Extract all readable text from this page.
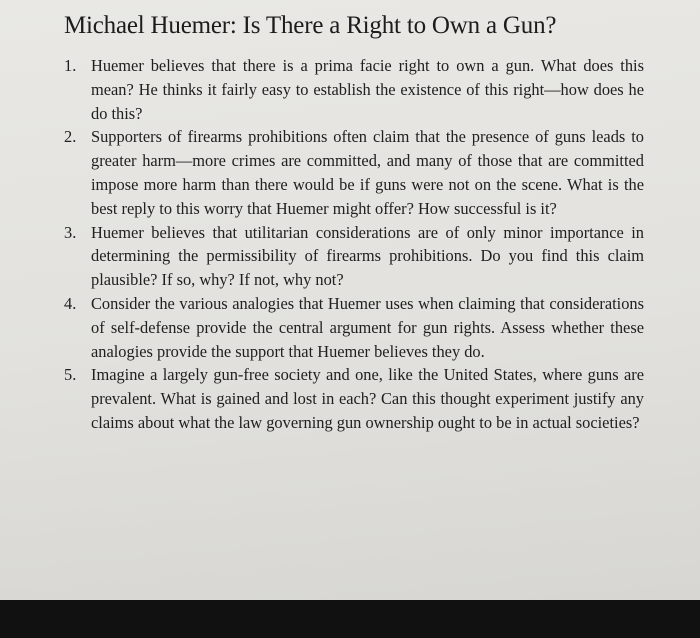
Michael Huemer: Is There a Right to Own a Gun?
1. Huemer believes that there is a prima facie right to own a gun. What does this mean? He thinks it fairly easy to establish the existence of this right—how does he do this?
2. Supporters of firearms prohibitions often claim that the presence of guns leads to greater harm—more crimes are committed, and many of those that are committed impose more harm than there would be if guns were not on the scene. What is the best reply to this worry that Huemer might offer? How successful is it?
3. Huemer believes that utilitarian considerations are of only minor importance in determining the permissibility of firearms prohibitions. Do you find this claim plausible? If so, why? If not, why not?
4. Consider the various analogies that Huemer uses when claiming that considerations of self-defense provide the central argument for gun rights. Assess whether these analogies provide the support that Huemer believes they do.
5. Imagine a largely gun-free society and one, like the United States, where guns are prevalent. What is gained and lost in each? Can this thought experiment justify any claims about what the law governing gun ownership ought to be in actual societies?
